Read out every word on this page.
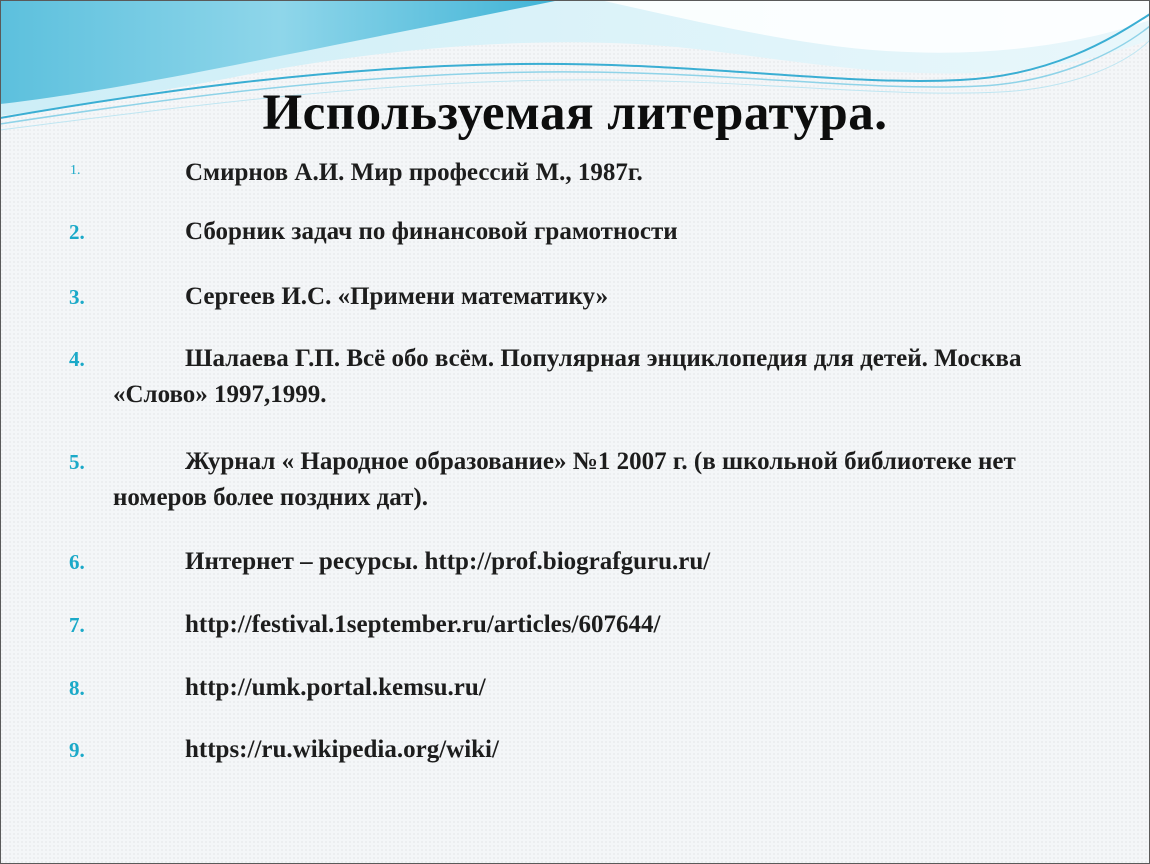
Используемая литература.
1.	Смирнов А.И. Мир профессий М., 1987г.
2.	Сборник задач по финансовой грамотности
3.	Сергеев И.С. «Примени математику»
4.	Шалаева Г.П. Всё обо всём. Популярная энциклопедия для детей. Москва «Слово» 1997,1999.
5.	Журнал « Народное образование» №1 2007 г. (в школьной библиотеке нет номеров более поздних дат).
6.	Интернет – ресурсы. http://prof.biografguru.ru/
7.	http://festival.1september.ru/articles/607644/
8.	http://umk.portal.kemsu.ru/
9.	https://ru.wikipedia.org/wiki/
